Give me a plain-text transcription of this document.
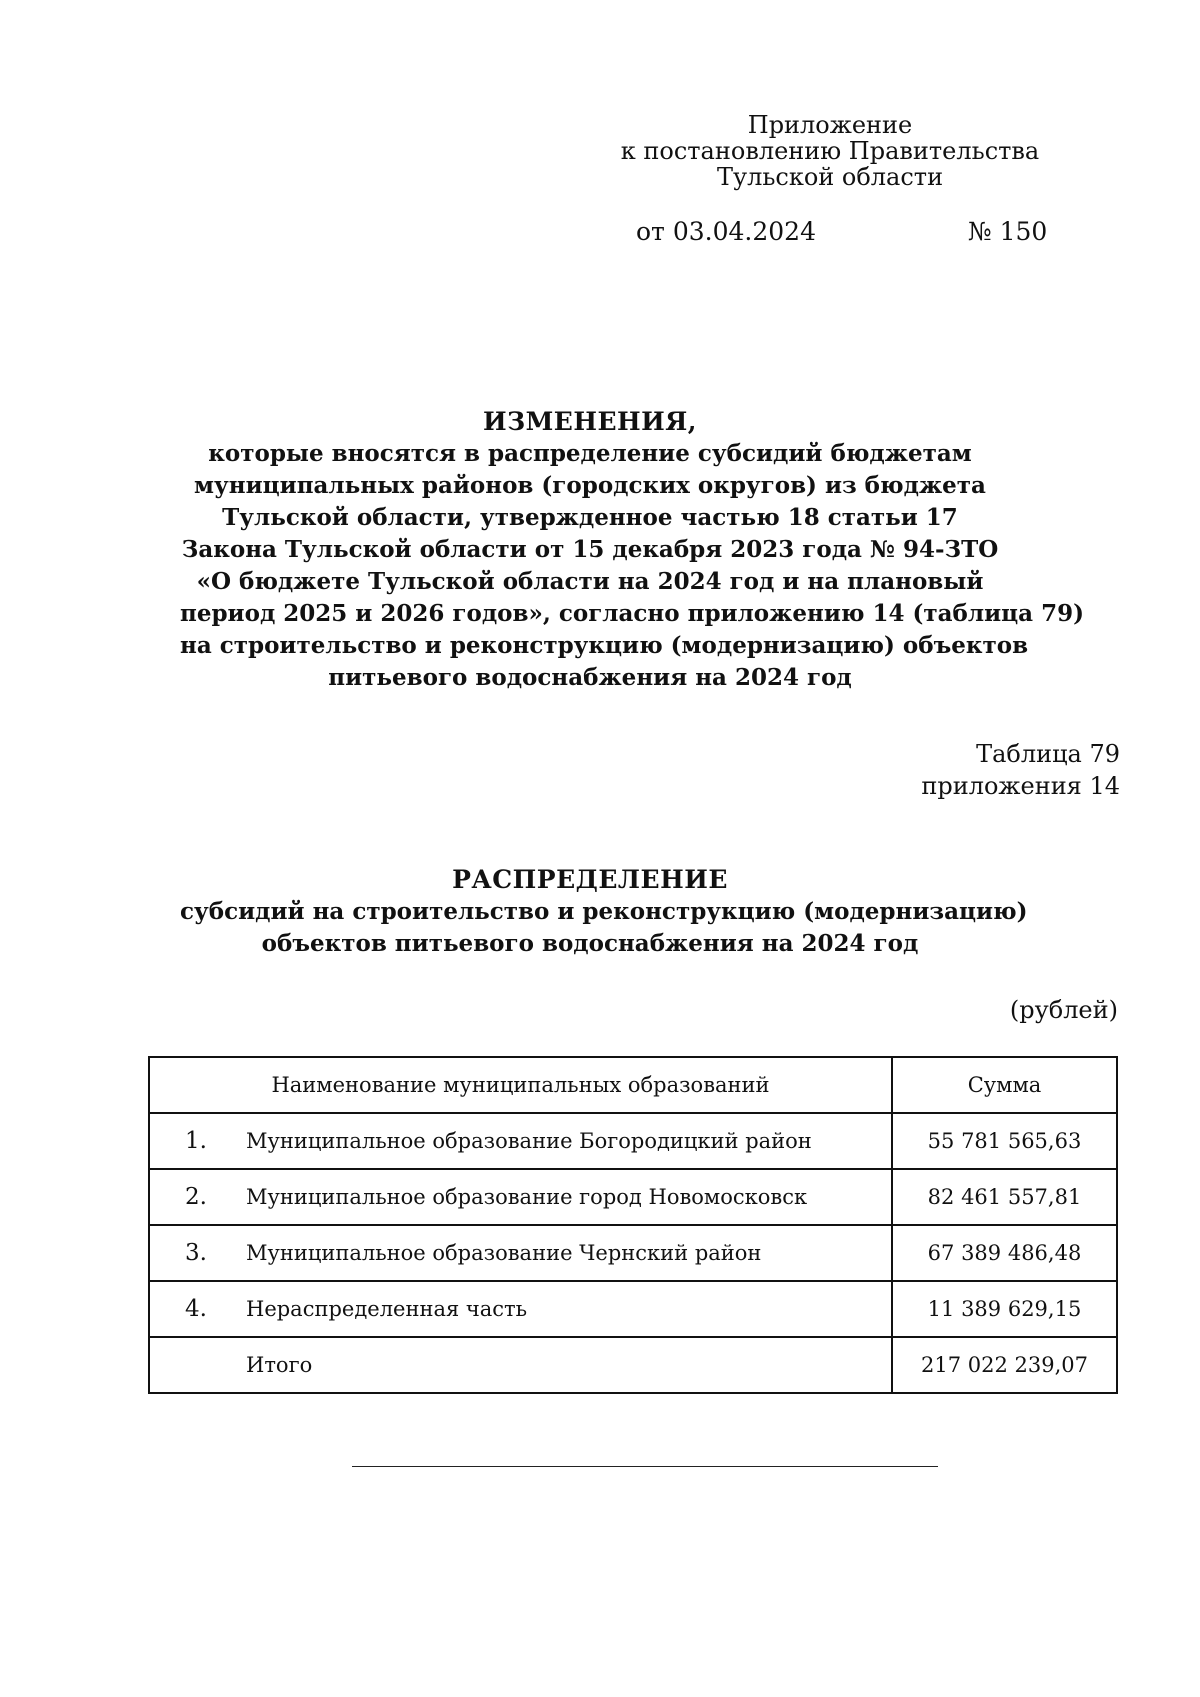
Приложение
к постановлению Правительства
Тульской области
от 03.04.2024	№ 150
ИЗМЕНЕНИЯ,
которые вносятся в распределение субсидий бюджетам
муниципальных районов (городских округов) из бюджета
Тульской области, утвержденное частью 18 статьи 17
Закона Тульской области от 15 декабря 2023 года № 94-ЗТО
«О бюджете Тульской области на 2024 год и на плановый
период 2025 и 2026 годов», согласно приложению 14 (таблица 79)
на строительство и реконструкцию (модернизацию) объектов
питьевого водоснабжения на 2024 год
Таблица 79
приложения 14
РАСПРЕДЕЛЕНИЕ
субсидий на строительство и реконструкцию (модернизацию)
объектов питьевого водоснабжения на 2024 год
(рублей)
Наименование муниципальных образований	Сумма
1. Муниципальное образование Богородицкий район	55 781 565,63
2. Муниципальное образование город Новомосковск	82 461 557,81
3. Муниципальное образование Чернский район	67 389 486,48
4. Нераспределенная часть	11 389 629,15
Итого	217 022 239,07
